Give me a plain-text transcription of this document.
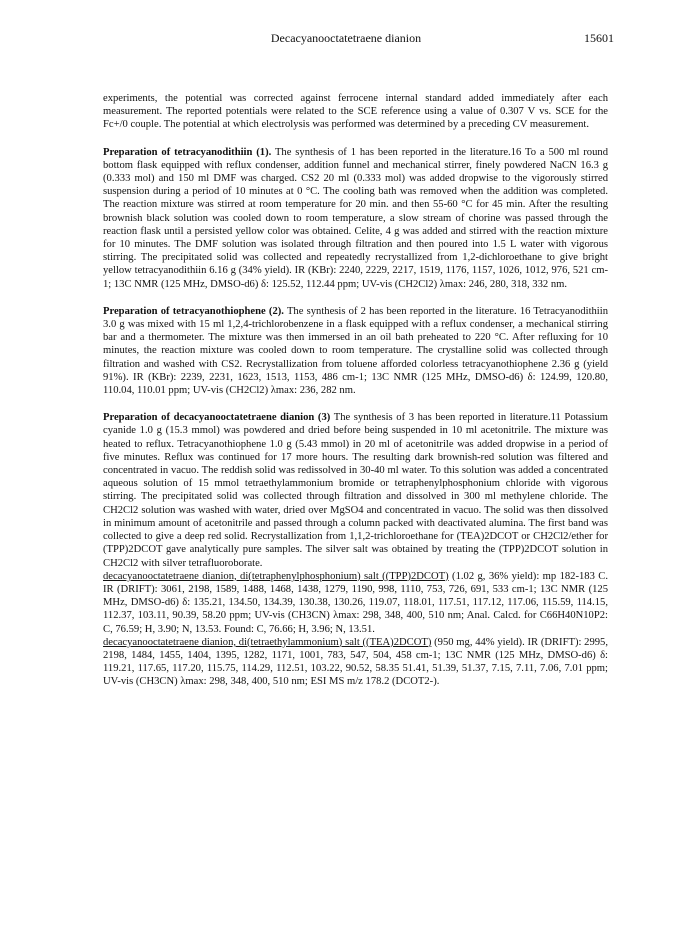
Decacyanooctatetraene dianion	15601

experiments, the potential was corrected against ferrocene internal standard added immediately after each measurement. The reported potentials were related to the SCE reference using a value of 0.307 V vs. SCE for the Fc+/0 couple. The potential at which electrolysis was performed was determined by a preceding CV measurement.

Preparation of tetracyanodithiin (1). The synthesis of 1 has been reported in the literature.16 To a 500 ml round bottom flask equipped with reflux condenser, addition funnel and mechanical stirrer, finely powdered NaCN 16.3 g (0.333 mol) and 150 ml DMF was charged. CS2 20 ml (0.333 mol) was added dropwise to the vigorously stirred suspension during a period of 10 minutes at 0 °C. The cooling bath was removed when the addition was completed. The reaction mixture was stirred at room temperature for 20 min. and then 55-60 °C for 45 min. After the resulting brownish black solution was cooled down to room temperature, a slow stream of chorine was passed through the reaction flask until a persisted yellow color was obtained. Celite, 4 g was added and stirred with the reaction mixture for 10 minutes. The DMF solution was isolated through filtration and then poured into 1.5 L water with vigorous stirring. The precipitated solid was collected and repeatedly recrystallized from 1,2-dichloroethane to give bright yellow tetracyanodithiin 6.16 g (34% yield). IR (KBr): 2240, 2229, 2217, 1519, 1176, 1157, 1026, 1012, 976, 521 cm-1; 13C NMR (125 MHz, DMSO-d6) δ: 125.52, 112.44 ppm; UV-vis (CH2Cl2) λmax: 246, 280, 318, 332 nm.

Preparation of tetracyanothiophene (2). The synthesis of 2 has been reported in the literature. 16 Tetracyanodithiin 3.0 g was mixed with 15 ml 1,2,4-trichlorobenzene in a flask equipped with a reflux condenser, a mechanical stirring bar and a thermometer. The mixture was then immersed in an oil bath preheated to 220 °C. After refluxing for 10 minutes, the reaction mixture was cooled down to room temperature. The crystalline solid was collected through filtration and washed with CS2. Recrystallization from toluene afforded colorless tetracyanothiophene 2.36 g (yield 91%). IR (KBr): 2239, 2231, 1623, 1513, 1153, 486 cm-1; 13C NMR (125 MHz, DMSO-d6) δ: 124.99, 120.80, 110.04, 110.01 ppm; UV-vis (CH2Cl2) λmax: 236, 282 nm.

Preparation of decacyanooctatetraene dianion (3) The synthesis of 3 has been reported in literature.11 Potassium cyanide 1.0 g (15.3 mmol) was powdered and dried before being suspended in 10 ml acetonitrile. The mixture was heated to reflux. Tetracyanothiophene 1.0 g (5.43 mmol) in 20 ml of acetonitrile was added dropwise in a period of five minutes. Reflux was continued for 17 more hours. The resulting dark brownish-red solution was filtered and concentrated in vacuo. The reddish solid was redissolved in 30-40 ml water. To this solution was added a concentrated aqueous solution of 15 mmol tetraethylammonium bromide or tetraphenylphosphonium chloride with vigorous stirring. The precipitated solid was collected through filtration and dissolved in 300 ml methylene chloride. The CH2Cl2 solution was washed with water, dried over MgSO4 and concentrated in vacuo. The solid was then dissolved in minimum amount of acetonitrile and passed through a column packed with deactivated alumina. The first band was collected to give a deep red solid. Recrystallization from 1,1,2-trichloroethane for (TEA)2DCOT or CH2Cl2/ether for (TPP)2DCOT gave analytically pure samples. The silver salt was obtained by treating the (TPP)2DCOT solution in CH2Cl2 with silver tetrafluoroborate.

decacyanooctatetraene dianion, di(tetraphenylphosphonium) salt ((TPP)2DCOT) (1.02 g, 36% yield): mp 182-183 C. IR (DRIFT): 3061, 2198, 1589, 1488, 1468, 1438, 1279, 1190, 998, 1110, 753, 726, 691, 533 cm-1; 13C NMR (125 MHz, DMSO-d6) δ: 135.21, 134.50, 134.39, 130.38, 130.26, 119.07, 118.01, 117.51, 117.12, 117.06, 115.59, 114.15, 112.37, 103.11, 90.39, 58.20 ppm; UV-vis (CH3CN) λmax: 298, 348, 400, 510 nm; Anal. Calcd. for C66H40N10P2: C, 76.59; H, 3.90; N, 13.53. Found: C, 76.66; H, 3.96; N, 13.51.

decacyanooctatetraene dianion, di(tetraethylammonium) salt ((TEA)2DCOT) (950 mg, 44% yield). IR (DRIFT): 2995, 2198, 1484, 1455, 1404, 1395, 1282, 1171, 1001, 783, 547, 504, 458 cm-1; 13C NMR (125 MHz, DMSO-d6) δ: 119.21, 117.65, 117.20, 115.75, 114.29, 112.51, 103.22, 90.52, 58.35 51.41, 51.39, 51.37, 7.15, 7.11, 7.06, 7.01 ppm; UV-vis (CH3CN) λmax: 298, 348, 400, 510 nm; ESI MS m/z 178.2 (DCOT2-).
